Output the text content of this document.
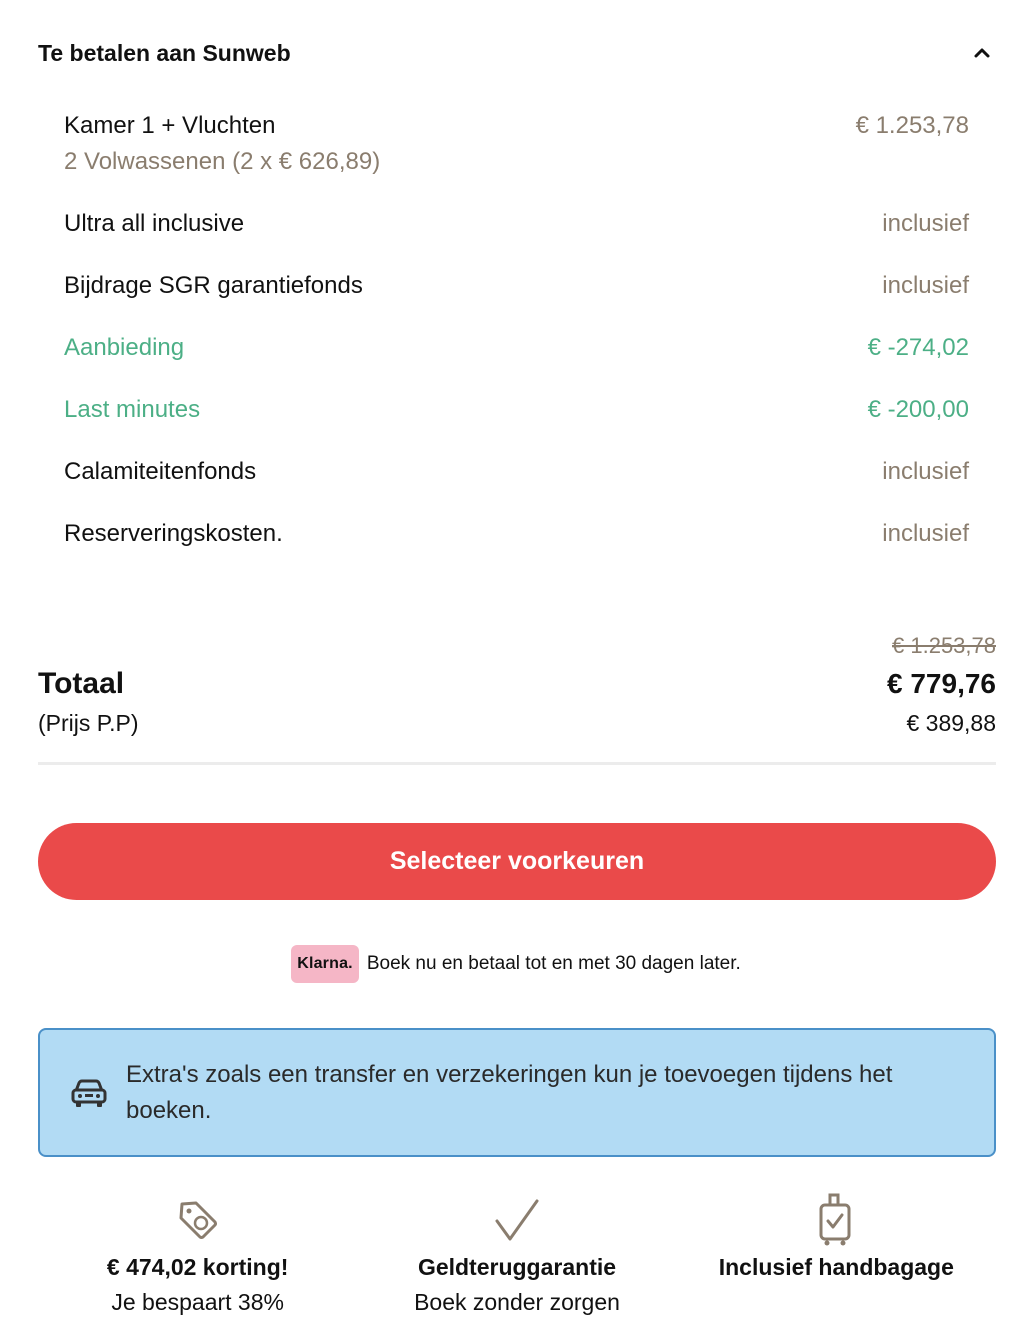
Te betalen aan Sunweb
Kamer 1 + Vluchten	€ 1.253,78
2 Volwassenen (2 x € 626,89)
Ultra all inclusive	inclusief
Bijdrage SGR garantiefonds	inclusief
Aanbieding	€ -274,02
Last minutes	€ -200,00
Calamiteitenfonds	inclusief
Reserveringskosten.	inclusief
€ 1.253,78
Totaal	€ 779,76
(Prijs P.P)	€ 389,88
Selecteer voorkeuren
Klarna. Boek nu en betaal tot en met 30 dagen later.
Extra's zoals een transfer en verzekeringen kun je toevoegen tijdens het boeken.
€ 474,02 korting!
Je bespaart 38%
Geldteruggarantie
Boek zonder zorgen
Inclusief handbagage
